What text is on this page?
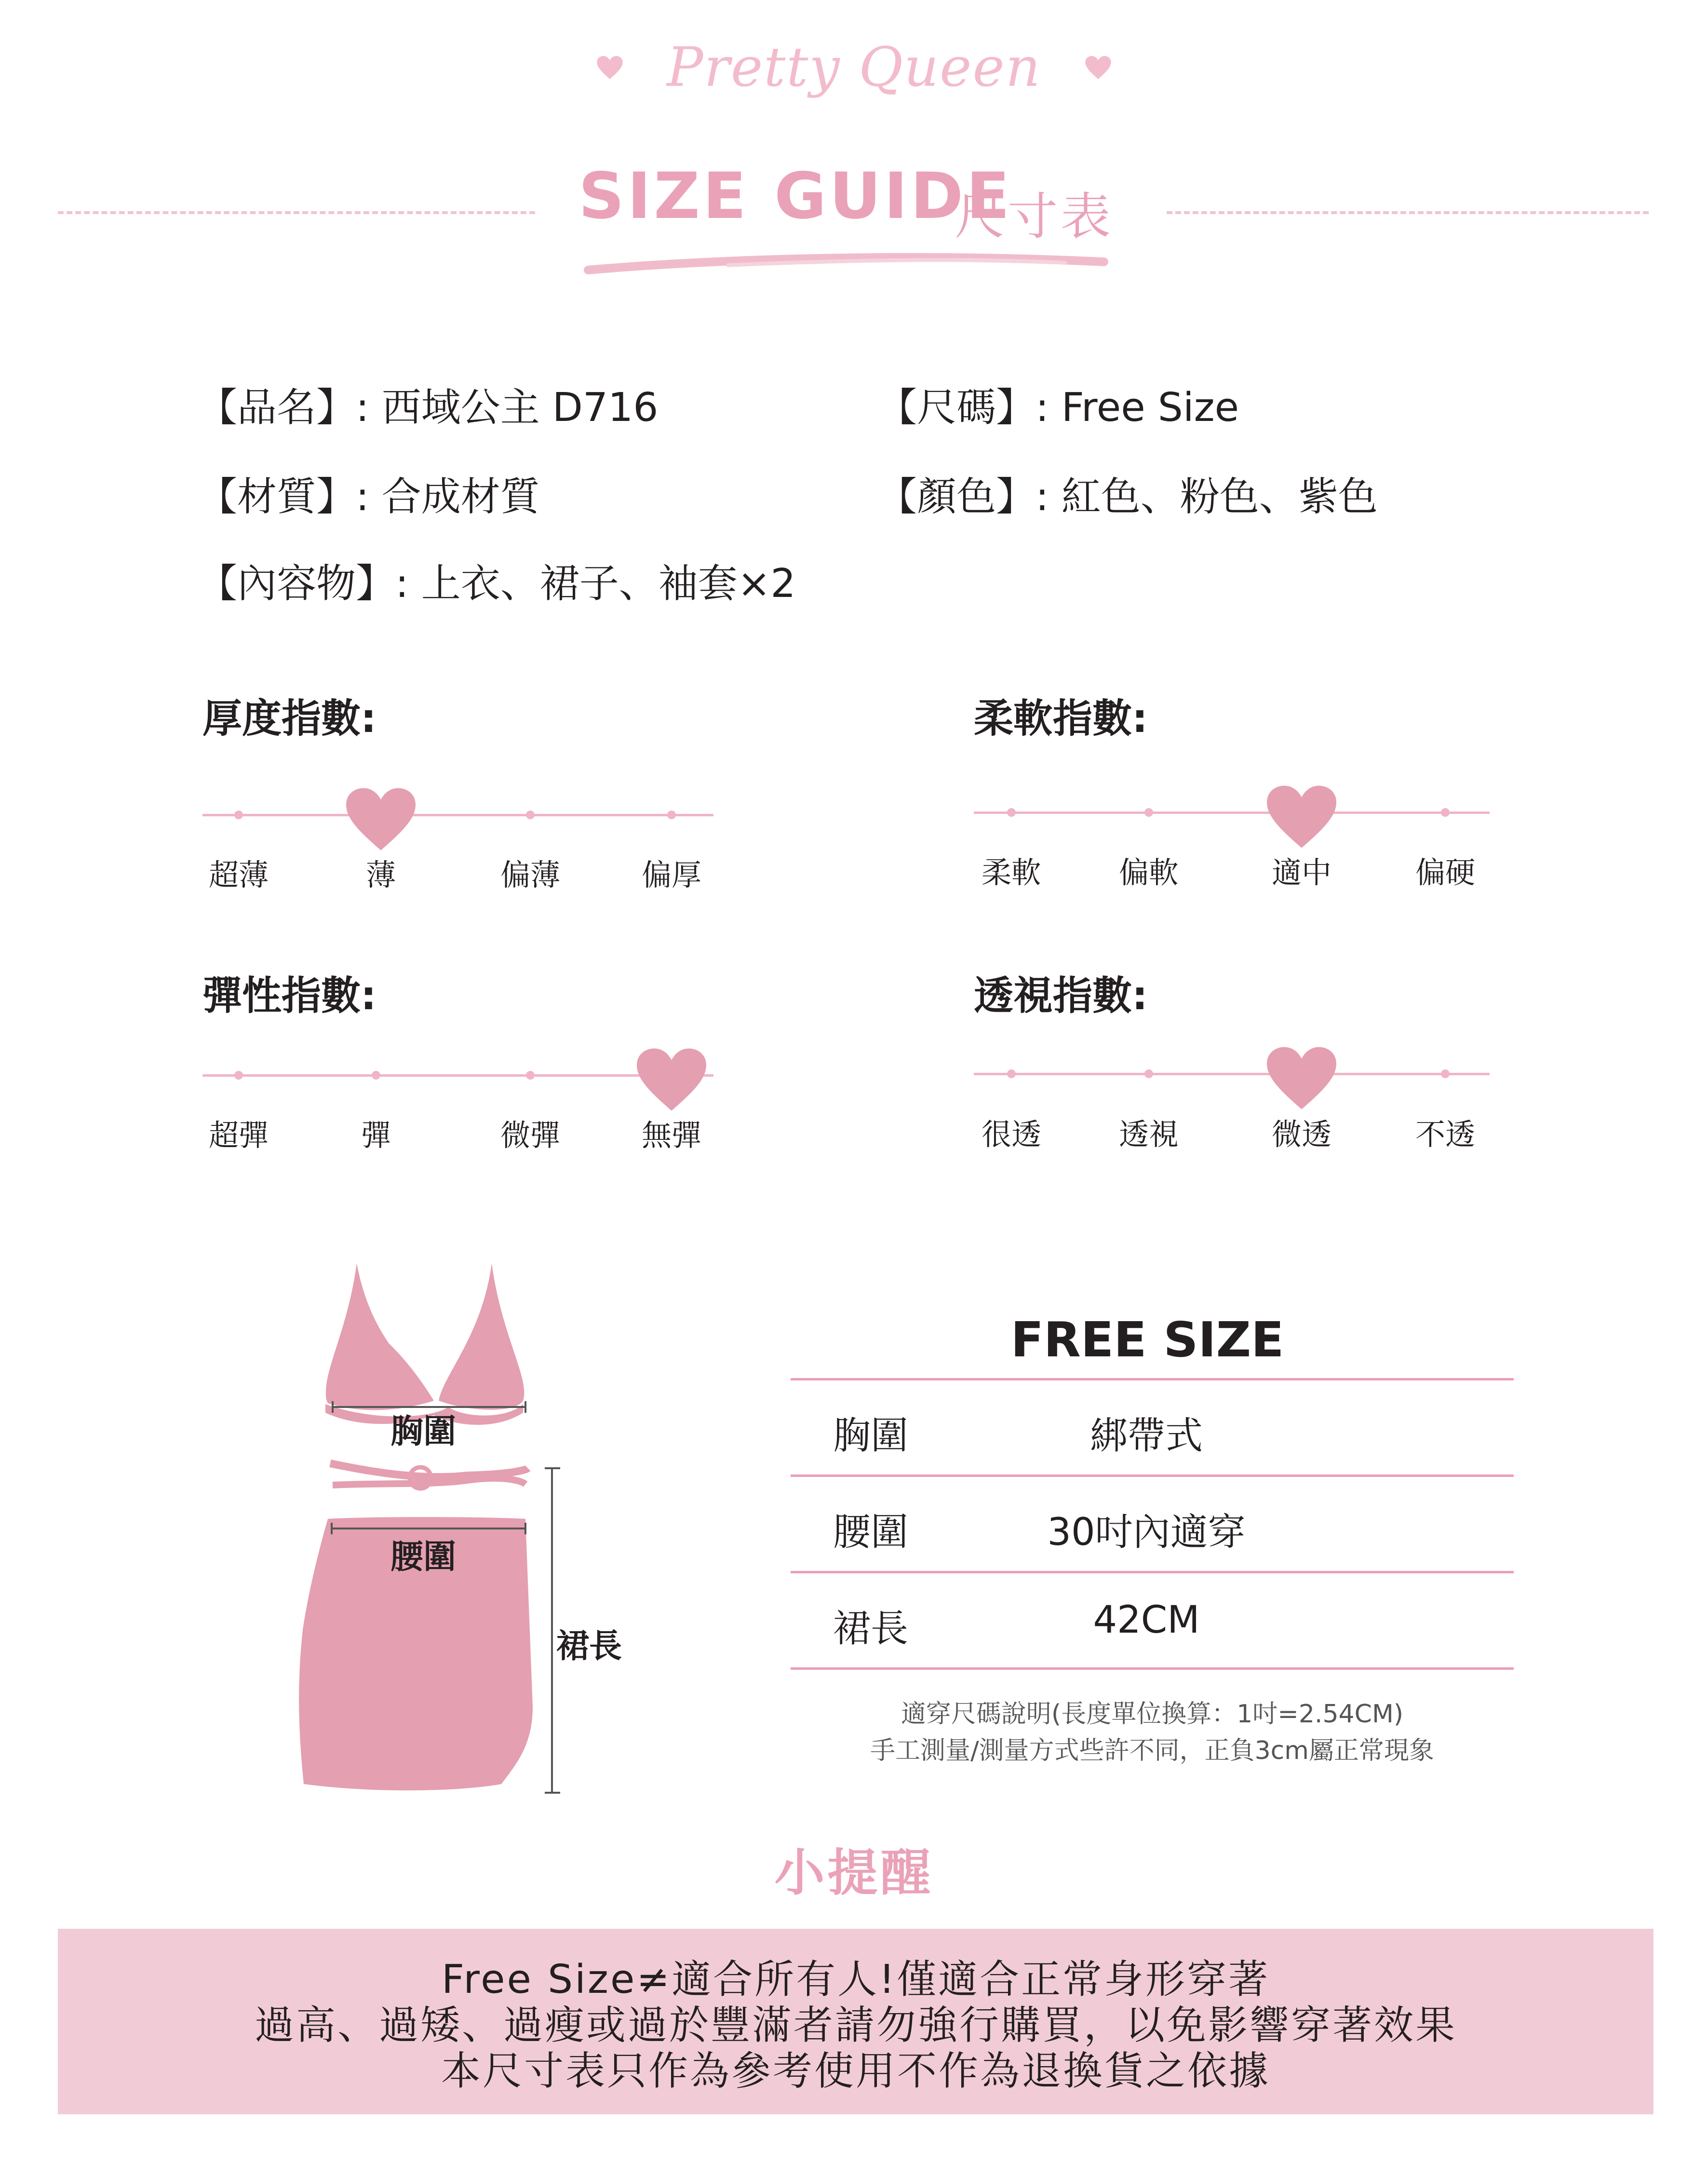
Pretty Queen
SIZE GUIDE
尺寸表
【品名】: 西域公主 D716	【尺碼】: Free Size
【材質】: 合成材質	【顏色】: 紅色、粉色、紫色
【內容物】: 上衣、裙子、袖套×2
厚度指數:
超薄	薄	偏薄	偏厚
柔軟指數:
柔軟	偏軟	適中	偏硬
彈性指數:
超彈	彈	微彈	無彈
透視指數:
很透	透視	微透	不透
胸圍
腰圍
裙長
FREE SIZE
胸圍	綁帶式
腰圍	30吋內適穿
裙長	42CM
適穿尺碼說明(長度單位換算：1吋=2.54CM)
手工測量/測量方式些許不同，正負3cm屬正常現象
小提醒
Free Size≠適合所有人!僅適合正常身形穿著
過高、過矮、過瘦或過於豐滿者請勿強行購買，以免影響穿著效果
本尺寸表只作為參考使用不作為退換貨之依據
